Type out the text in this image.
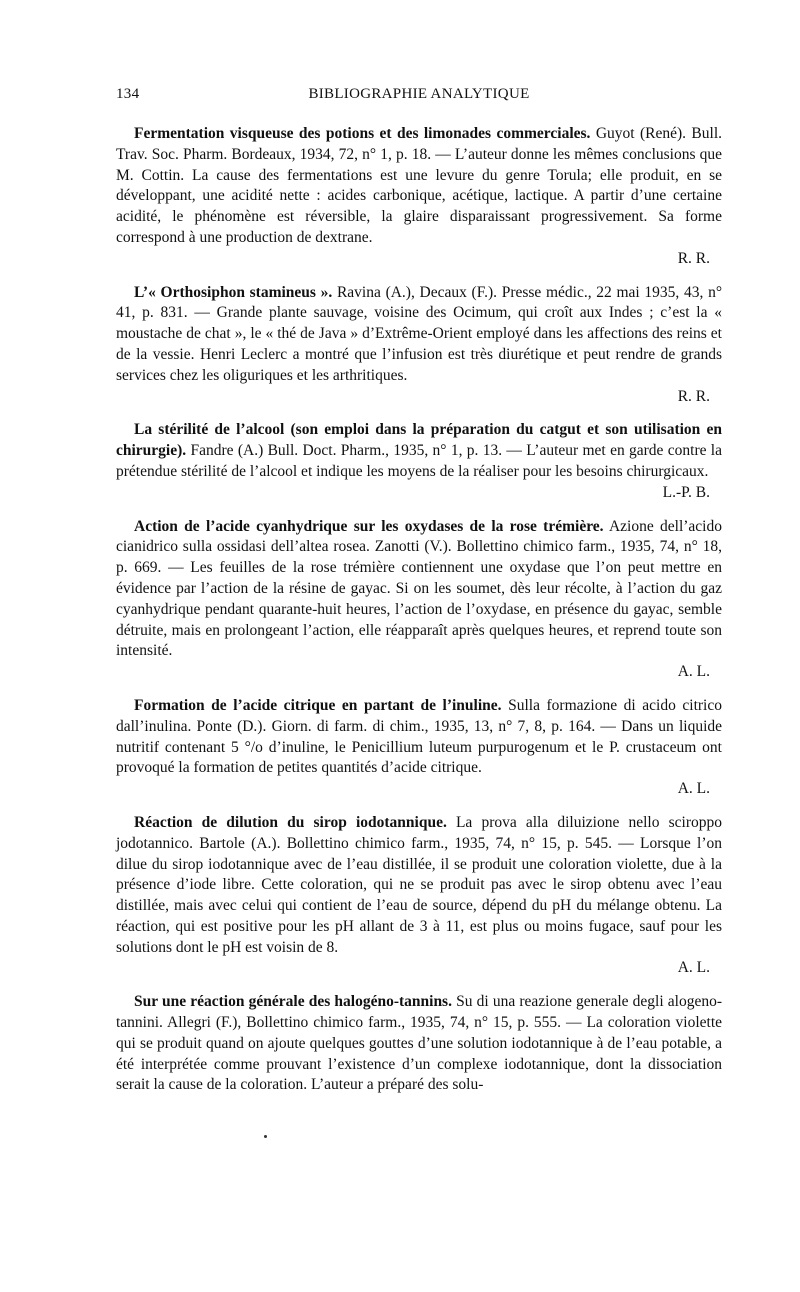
134	BIBLIOGRAPHIE ANALYTIQUE

Fermentation visqueuse des potions et des limonades commerciales. Guyot (René). Bull. Trav. Soc. Pharm. Bordeaux, 1934, 72, n° 1, p. 18. — L’auteur donne les mêmes conclusions que M. Cottin. La cause des fermentations est une levure du genre Torula; elle produit, en se développant, une acidité nette : acides carbonique, acétique, lactique. A partir d’une certaine acidité, le phénomène est réversible, la glaire disparaissant progressivement. Sa forme correspond à une production de dextrane.

R. R.

L’« Orthosiphon stamineus ». Ravina (A.), Decaux (F.). Presse médic., 22 mai 1935, 43, n° 41, p. 831. — Grande plante sauvage, voisine des Ocimum, qui croît aux Indes ; c’est la « moustache de chat », le « thé de Java » d’Extrême-Orient employé dans les affections des reins et de la vessie. Henri Leclerc a montré que l’infusion est très diurétique et peut rendre de grands services chez les oliguriques et les arthritiques.

R. R.

La stérilité de l’alcool (son emploi dans la préparation du catgut et son utilisation en chirurgie). Fandre (A.) Bull. Doct. Pharm., 1935, n° 1, p. 13. — L’auteur met en garde contre la prétendue stérilité de l’alcool et indique les moyens de la réaliser pour les besoins chirurgicaux.

L.-P. B.

Action de l’acide cyanhydrique sur les oxydases de la rose trémière. Azione dell’acido cianidrico sulla ossidasi dell’altea rosea. Zanotti (V.). Bollettino chimico farm., 1935, 74, n° 18, p. 669. — Les feuilles de la rose trémière contiennent une oxydase que l’on peut mettre en évidence par l’action de la résine de gayac. Si on les soumet, dès leur récolte, à l’action du gaz cyanhydrique pendant quarante-huit heures, l’action de l’oxydase, en présence du gayac, semble détruite, mais en prolongeant l’action, elle réapparaît après quelques heures, et reprend toute son intensité.

A. L.

Formation de l’acide citrique en partant de l’inuline. Sulla formazione di acido citrico dall’inulina. Ponte (D.). Giorn. di farm. di chim., 1935, 13, n° 7, 8, p. 164. — Dans un liquide nutritif contenant 5 °/o d’inuline, le Penicillium luteum purpurogenum et le P. crustaceum ont provoqué la formation de petites quantités d’acide citrique.

A. L.

Réaction de dilution du sirop iodotannique. La prova alla diluizione nello sciroppo jodotannico. Bartole (A.). Bollettino chimico farm., 1935, 74, n° 15, p. 545. — Lorsque l’on dilue du sirop iodotannique avec de l’eau distillée, il se produit une coloration violette, due à la présence d’iode libre. Cette coloration, qui ne se produit pas avec le sirop obtenu avec l’eau distillée, mais avec celui qui contient de l’eau de source, dépend du pH du mélange obtenu. La réaction, qui est positive pour les pH allant de 3 à 11, est plus ou moins fugace, sauf pour les solutions dont le pH est voisin de 8.

A. L.

Sur une réaction générale des halogéno-tannins. Su di una reazione generale degli alogeno-tannini. Allegri (F.), Bollettino chimico farm., 1935, 74, n° 15, p. 555. — La coloration violette qui se produit quand on ajoute quelques gouttes d’une solution iodotannique à de l’eau potable, a été interprétée comme prouvant l’existence d’un complexe iodotannique, dont la dissociation serait la cause de la coloration. L’auteur a préparé des solu-
